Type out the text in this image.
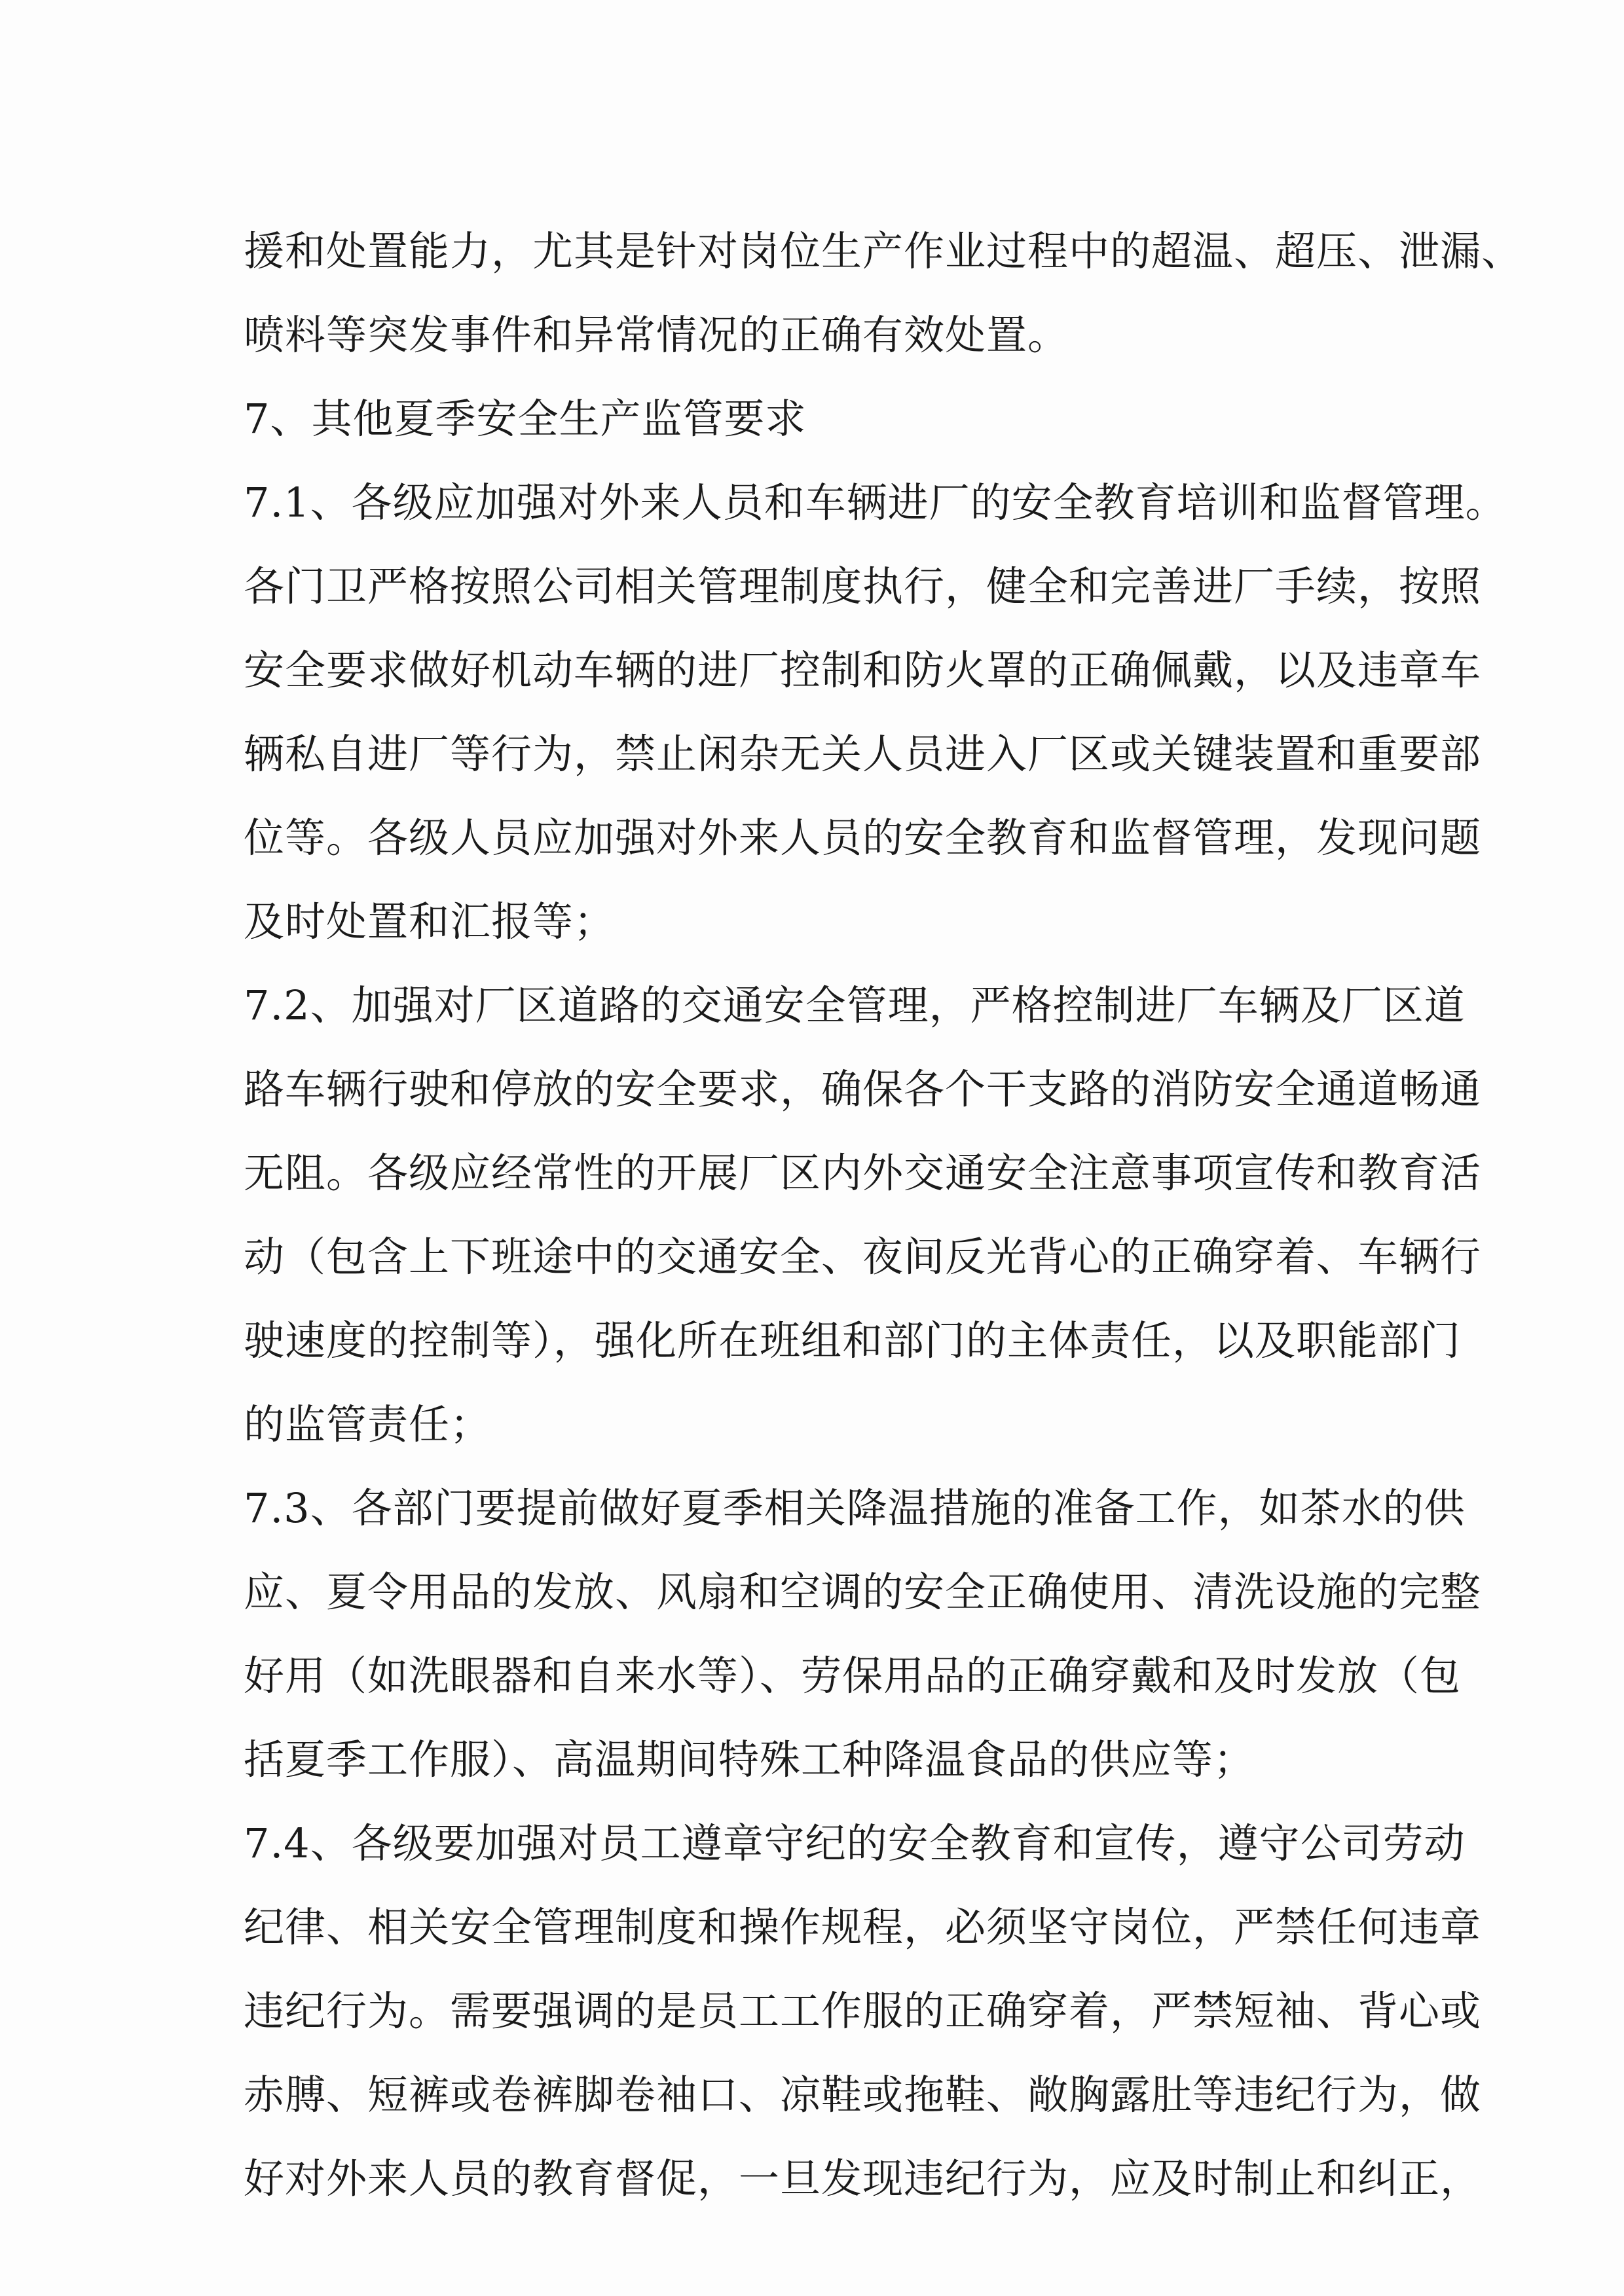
援和处置能力，尤其是针对岗位生产作业过程中的超温、超压、泄漏、
喷料等突发事件和异常情况的正确有效处置。
7、其他夏季安全生产监管要求
7.1、各级应加强对外来人员和车辆进厂的安全教育培训和监督管理。
各门卫严格按照公司相关管理制度执行，健全和完善进厂手续，按照
安全要求做好机动车辆的进厂控制和防火罩的正确佩戴，以及违章车
辆私自进厂等行为，禁止闲杂无关人员进入厂区或关键装置和重要部
位等。各级人员应加强对外来人员的安全教育和监督管理，发现问题
及时处置和汇报等；
7.2、加强对厂区道路的交通安全管理，严格控制进厂车辆及厂区道
路车辆行驶和停放的安全要求，确保各个干支路的消防安全通道畅通
无阻。各级应经常性的开展厂区内外交通安全注意事项宣传和教育活
动（包含上下班途中的交通安全、夜间反光背心的正确穿着、车辆行
驶速度的控制等），强化所在班组和部门的主体责任，以及职能部门
的监管责任；
7.3、各部门要提前做好夏季相关降温措施的准备工作，如茶水的供
应、夏令用品的发放、风扇和空调的安全正确使用、清洗设施的完整
好用（如洗眼器和自来水等）、劳保用品的正确穿戴和及时发放（包
括夏季工作服）、高温期间特殊工种降温食品的供应等；
7.4、各级要加强对员工遵章守纪的安全教育和宣传，遵守公司劳动
纪律、相关安全管理制度和操作规程，必须坚守岗位，严禁任何违章
违纪行为。需要强调的是员工工作服的正确穿着，严禁短袖、背心或
赤膊、短裤或卷裤脚卷袖口、凉鞋或拖鞋、敞胸露肚等违纪行为，做
好对外来人员的教育督促，一旦发现违纪行为，应及时制止和纠正，
